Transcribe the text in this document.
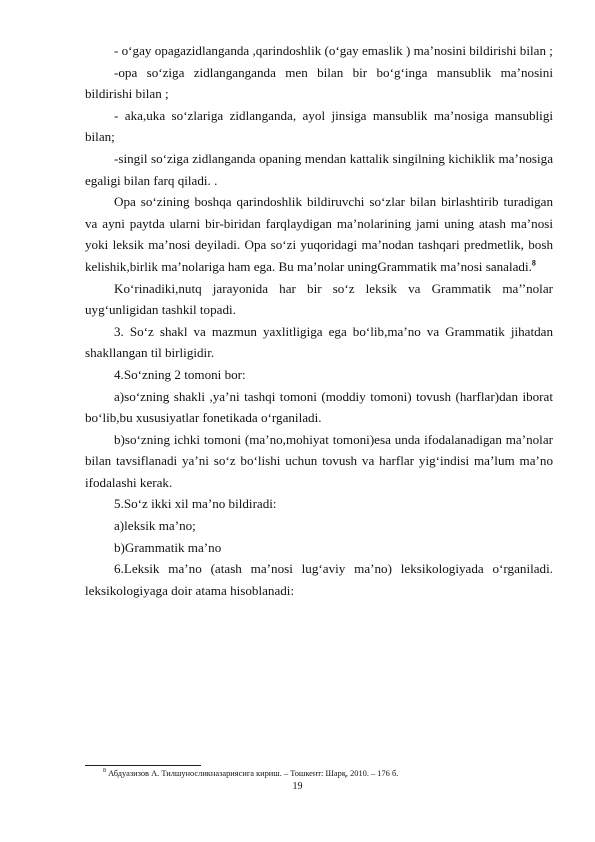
- o‘gay opagazidlanganda ,qarindoshlik (o‘gay emaslik ) ma’nosini bildirishi bilan ;

-opa so‘ziga zidlanganganda men bilan bir bo‘g‘inga mansublik ma’nosini bildirishi bilan ;

- aka,uka so‘zlariga zidlanganda, ayol jinsiga mansublik ma’nosiga mansubligi bilan;

-singil so‘ziga zidlanganda opaning mendan kattalik singilning kichiklik ma’nosiga egaligi bilan farq qiladi. .

Opa so‘zining boshqa qarindoshlik bildiruvchi so‘zlar bilan birlashtirib turadigan va ayni paytda ularni bir-biridan farqlaydigan ma’nolarining jami uning atash ma’nosi yoki leksik ma’nosi deyiladi. Opa so‘zi yuqoridagi ma’nodan tashqari predmetlik, bosh kelishik,birlik ma’nolariga ham ega. Bu ma’nolar uningGrammatik ma’nosi sanaladi.$^8$

Ko‘rinadiki,nutq jarayonida har bir so‘z leksik va Grammatik ma’’nolar uyg‘unligidan tashkil topadi.

3. So‘z shakl va mazmun yaxlitligiga ega bo‘lib,ma’no va Grammatik jihatdan shakllangan til birligidir.

4.So‘zning 2 tomoni bor:

a)so‘zning shakli ,ya’ni tashqi tomoni (moddiy tomoni) tovush (harflar)dan iborat bo‘lib,bu xususiyatlar fonetikada o‘rganiladi.

b)so‘zning ichki tomoni (ma’no,mohiyat tomoni)esa unda ifodalanadigan ma’nolar bilan tavsiflanadi ya’ni so‘z bo‘lishi uchun tovush va harflar yig‘indisi ma’lum ma’no ifodalashi kerak.

5.So‘z ikki xil ma’no bildiradi:

a)leksik ma’no;

b)Grammatik ma’no

6.Leksik ma’no (atash ma’nosi lug‘aviy ma’no) leksikologiyada o‘rganiladi. leksikologiyaga doir atama hisoblanadi:

$^8$ Абдуазизов А. Тилшуносликназариясига кириш. – Тошкент: Шарқ, 2010. – 176 б.
19
